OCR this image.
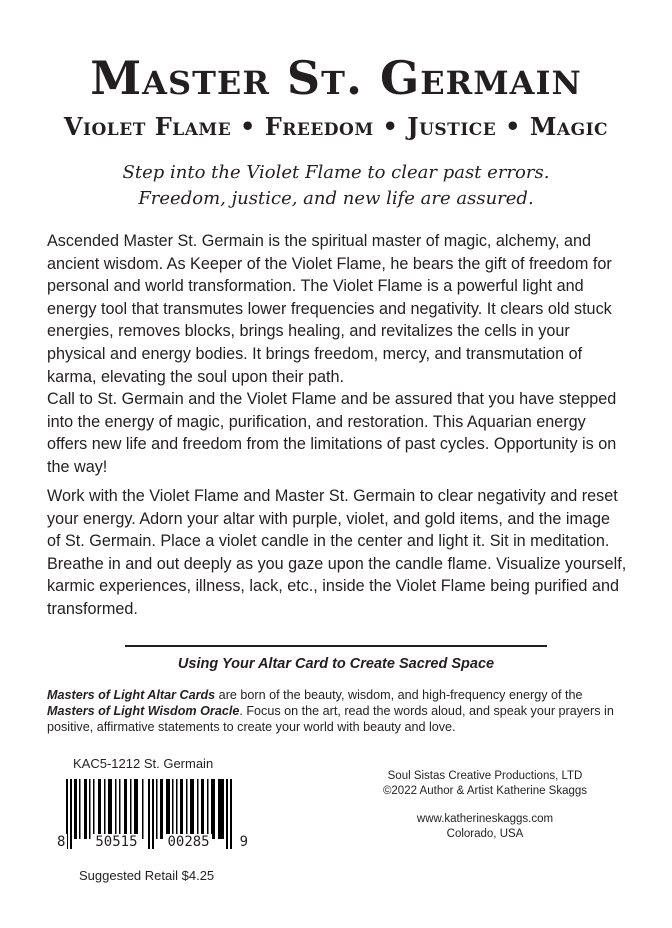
Master St. Germain
Violet Flame • Freedom • Justice • Magic
Step into the Violet Flame to clear past errors.
Freedom, justice, and new life are assured.

Ascended Master St. Germain is the spiritual master of magic, alchemy, and ancient wisdom. As Keeper of the Violet Flame, he bears the gift of freedom for personal and world transformation. The Violet Flame is a powerful light and energy tool that transmutes lower frequencies and negativity. It clears old stuck energies, removes blocks, brings healing, and revitalizes the cells in your physical and energy bodies. It brings freedom, mercy, and transmutation of karma, elevating the soul upon their path.

Call to St. Germain and the Violet Flame and be assured that you have stepped into the energy of magic, purification, and restoration. This Aquarian energy offers new life and freedom from the limitations of past cycles. Opportunity is on the way!

Work with the Violet Flame and Master St. Germain to clear negativity and reset your energy. Adorn your altar with purple, violet, and gold items, and the image of St. Germain. Place a violet candle in the center and light it. Sit in meditation. Breathe in and out deeply as you gaze upon the candle flame. Visualize yourself, karmic experiences, illness, lack, etc., inside the Violet Flame being purified and transformed.

Using Your Altar Card to Create Sacred Space

Masters of Light Altar Cards are born of the beauty, wisdom, and high-frequency energy of the Masters of Light Wisdom Oracle. Focus on the art, read the words aloud, and speak your prayers in positive, affirmative statements to create your world with beauty and love.

KAC5-1212 St. Germain
8 50515 00285 9
Suggested Retail $4.25
Soul Sistas Creative Productions, LTD
©2022 Author & Artist Katherine Skaggs
www.katherineskaggs.com
Colorado, USA
